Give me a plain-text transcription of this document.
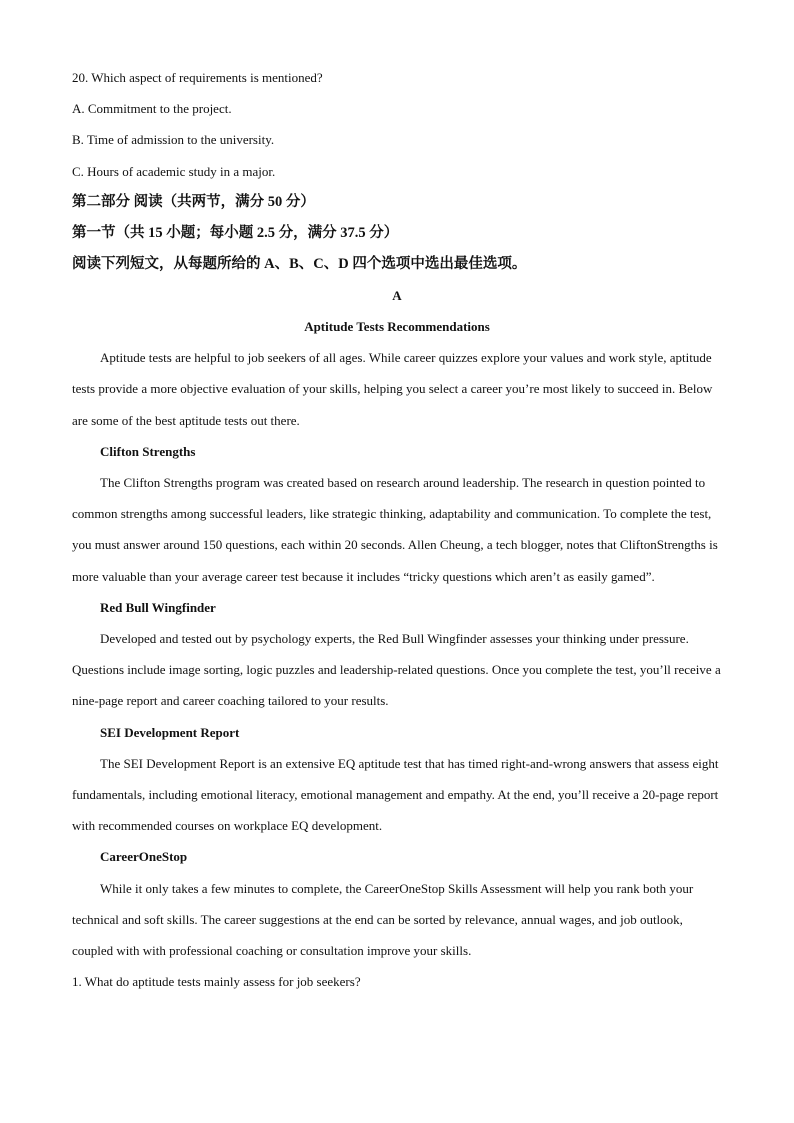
20. Which aspect of requirements is mentioned?
A. Commitment to the project.
B. Time of admission to the university.
C. Hours of academic study in a major.
第二部分 阅读（共两节，满分 50 分）
第一节（共 15 小题；每小题 2.5 分，满分 37.5 分）
阅读下列短文，从每题所给的 A、B、C、D 四个选项中选出最佳选项。
A
Aptitude Tests Recommendations
Aptitude tests are helpful to job seekers of all ages. While career quizzes explore your values and work style, aptitude tests provide a more objective evaluation of your skills, helping you select a career you’re most likely to succeed in. Below are some of the best aptitude tests out there.
Clifton Strengths
The Clifton Strengths program was created based on research around leadership. The research in question pointed to common strengths among successful leaders, like strategic thinking, adaptability and communication. To complete the test, you must answer around 150 questions, each within 20 seconds. Allen Cheung, a tech blogger, notes that CliftonStrengths is more valuable than your average career test because it includes “tricky questions which aren’t as easily gamed”.
Red Bull Wingfinder
Developed and tested out by psychology experts, the Red Bull Wingfinder assesses your thinking under pressure. Questions include image sorting, logic puzzles and leadership-related questions. Once you complete the test, you’ll receive a nine-page report and career coaching tailored to your results.
SEI Development Report
The SEI Development Report is an extensive EQ aptitude test that has timed right-and-wrong answers that assess eight fundamentals, including emotional literacy, emotional management and empathy. At the end, you’ll receive a 20-page report with recommended courses on workplace EQ development.
CareerOneStop
While it only takes a few minutes to complete, the CareerOneStop Skills Assessment will help you rank both your technical and soft skills. The career suggestions at the end can be sorted by relevance, annual wages, and job outlook, coupled with with professional coaching or consultation improve your skills.
1. What do aptitude tests mainly assess for job seekers?
